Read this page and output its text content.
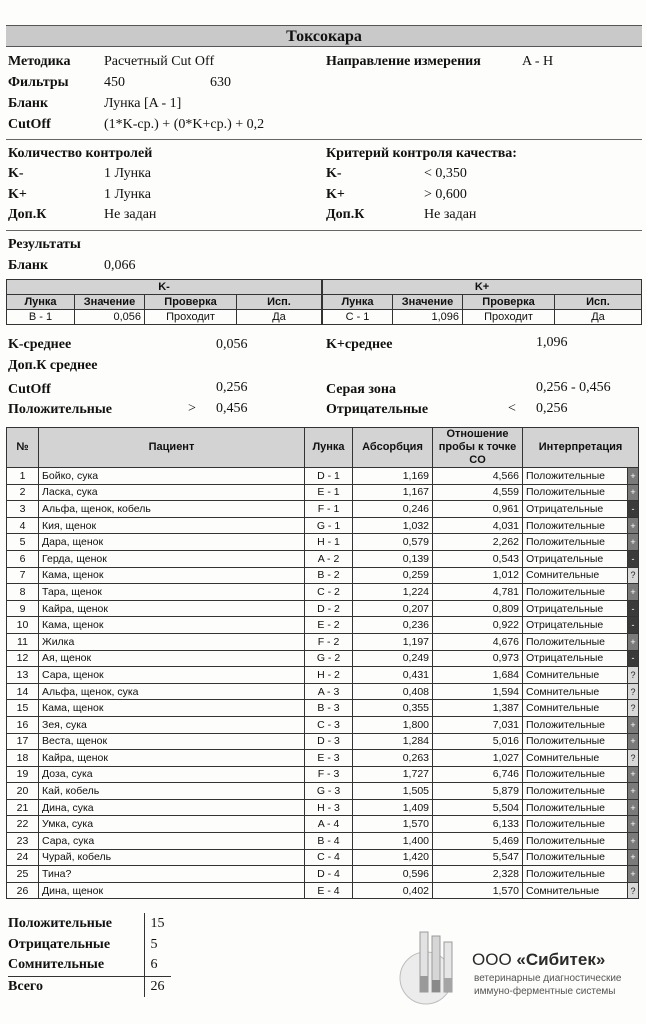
Токсокара
Методика Расчетный Cut Off
Фильтры	450	630
Бланк	Лунка [A - 1]
CutOff	(1*K-ср.) + (0*K+ср.) + 0,2
Направление измерения	A - H
Количество контролей
K-	1 Лунка
K+	1 Лунка
Доп.К	Не задан
Критерий контроля качества:
K-	< 0,350
K+	> 0,600
Доп.К	Не задан
Результаты
Бланк	0,066
K-			
Лунка	Значение	Проверка	Исп.
B - 1	0,056	Проходит	Да
K+			
Лунка	Значение	Проверка	Исп.
C - 1	1,096	Проходит	Да
K-среднее	0,056	K+среднее	1,096
Доп.К среднее
CutOff	0,256	Серая зона	0,256 - 0,456
Положительные	> 0,456	Отрицательные	< 0,256
№	Пациент	Лунка	Абсорбция	Отношение пробы к точке CO	Интерпретация	
1	Бойко, сука	D - 1	1,169	4,566	Положительные	+
2	Ласка, сука	E - 1	1,167	4,559	Положительные	+
3	Альфа, щенок, кобель	F - 1	0,246	0,961	Отрицательные	-
4	Кия, щенок	G - 1	1,032	4,031	Положительные	+
5	Дара, щенок	H - 1	0,579	2,262	Положительные	+
6	Герда, щенок	A - 2	0,139	0,543	Отрицательные	-
7	Кама, щенок	B - 2	0,259	1,012	Сомнительные	?
8	Тара, щенок	C - 2	1,224	4,781	Положительные	+
9	Кайра, щенок	D - 2	0,207	0,809	Отрицательные	-
10	Кама, щенок	E - 2	0,236	0,922	Отрицательные	-
11	Жилка	F - 2	1,197	4,676	Положительные	+
12	Ая, щенок	G - 2	0,249	0,973	Отрицательные	-
13	Сара, щенок	H - 2	0,431	1,684	Сомнительные	?
14	Альфа, щенок, сука	A - 3	0,408	1,594	Сомнительные	?
15	Кама, щенок	B - 3	0,355	1,387	Сомнительные	?
16	Зея, сука	C - 3	1,800	7,031	Положительные	+
17	Веста, щенок	D - 3	1,284	5,016	Положительные	+
18	Кайра, щенок	E - 3	0,263	1,027	Сомнительные	?
19	Доза, сука	F - 3	1,727	6,746	Положительные	+
20	Кай, кобель	G - 3	1,505	5,879	Положительные	+
21	Дина, сука	H - 3	1,409	5,504	Положительные	+
22	Умка, сука	A - 4	1,570	6,133	Положительные	+
23	Сара, сука	B - 4	1,400	5,469	Положительные	+
24	Чурай, кобель	C - 4	1,420	5,547	Положительные	+
25	Тина?	D - 4	0,596	2,328	Положительные	+
26	Дина, щенок	E - 4	0,402	1,570	Сомнительные	?
Положительные	15
Отрицательные	5
Сомнительные	6
Всего	26
ООО «Сибитек»
ветеринарные диагностические
иммуно-ферментные системы
